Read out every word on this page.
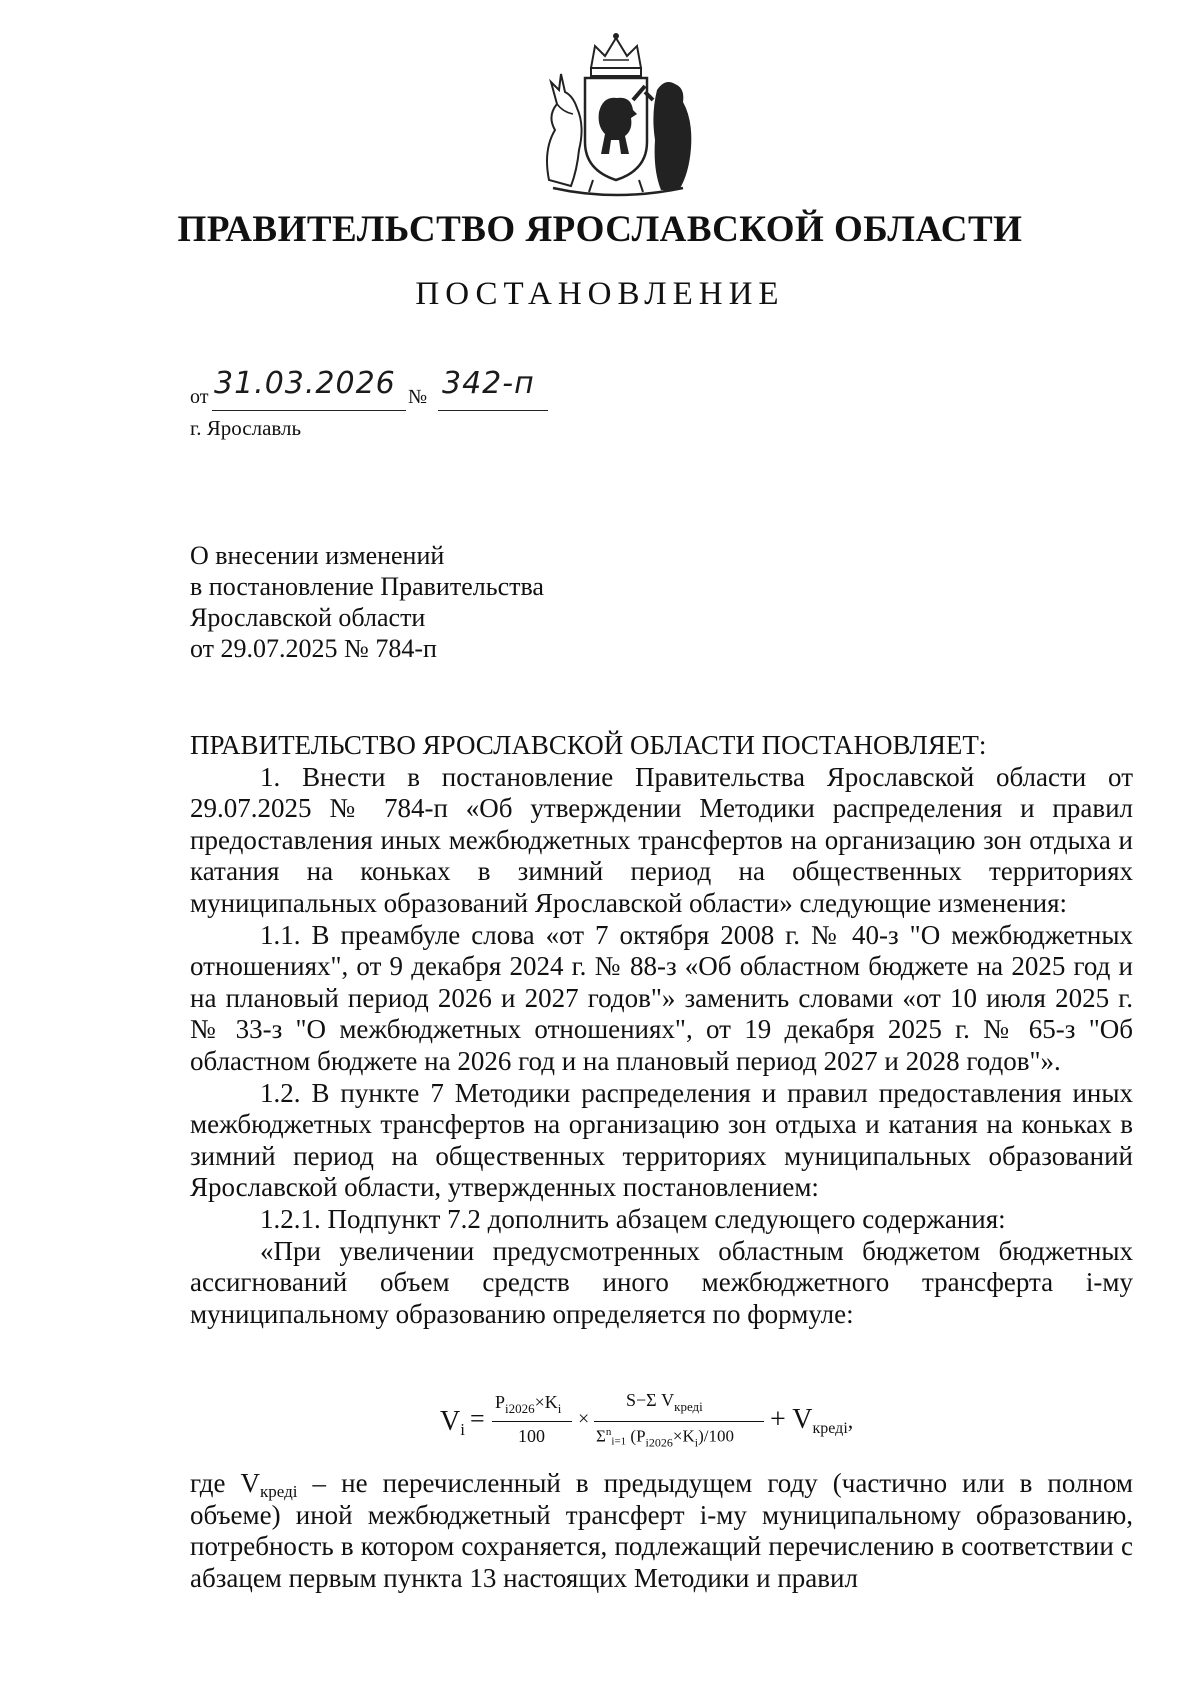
ПРАВИТЕЛЬСТВО ЯРОСЛАВСКОЙ ОБЛАСТИ
ПОСТАНОВЛЕНИЕ
от 31.03.2026 № 342-п
г. Ярославль
О внесении изменений
в постановление Правительства
Ярославской области
от 29.07.2025 № 784-п
ПРАВИТЕЛЬСТВО ЯРОСЛАВСКОЙ ОБЛАСТИ ПОСТАНОВЛЯЕТ:
1. Внести в постановление Правительства Ярославской области от 29.07.2025 № 784-п «Об утверждении Методики распределения и правил предоставления иных межбюджетных трансфертов на организацию зон отдыха и катания на коньках в зимний период на общественных территориях муниципальных образований Ярославской области» следующие изменения:
1.1. В преамбуле слова «от 7 октября 2008 г. № 40-з "О межбюджетных отношениях", от 9 декабря 2024 г. № 88-з «Об областном бюджете на 2025 год и на плановый период 2026 и 2027 годов"» заменить словами «от 10 июля 2025 г. № 33-з "О межбюджетных отношениях", от 19 декабря 2025 г. № 65-з "Об областном бюджете на 2026 год и на плановый период 2027 и 2028 годов"».
1.2. В пункте 7 Методики распределения и правил предоставления иных межбюджетных трансфертов на организацию зон отдыха и катания на коньках в зимний период на общественных территориях муниципальных образований Ярославской области, утвержденных постановлением:
1.2.1. Подпункт 7.2 дополнить абзацем следующего содержания:
«При увеличении предусмотренных областным бюджетом бюджетных ассигнований объем средств иного межбюджетного трансферта i-му муниципальному образованию определяется по формуле:
$V_i$ =
$P_{i2026}\times K_i$
100
×
S−Σ $V_{креді}$
$\Sigma^n_{i=1}$ $(P_{i2026}\times K_i)/100$
+ $V_{креді}$,
где $V_{креді}$ – не перечисленный в предыдущем году (частично или в полном объеме) иной межбюджетный трансферт i-му муниципальному образованию, потребность в котором сохраняется, подлежащий перечислению в соответствии с абзацем первым пункта 13 настоящих Методики и правил
